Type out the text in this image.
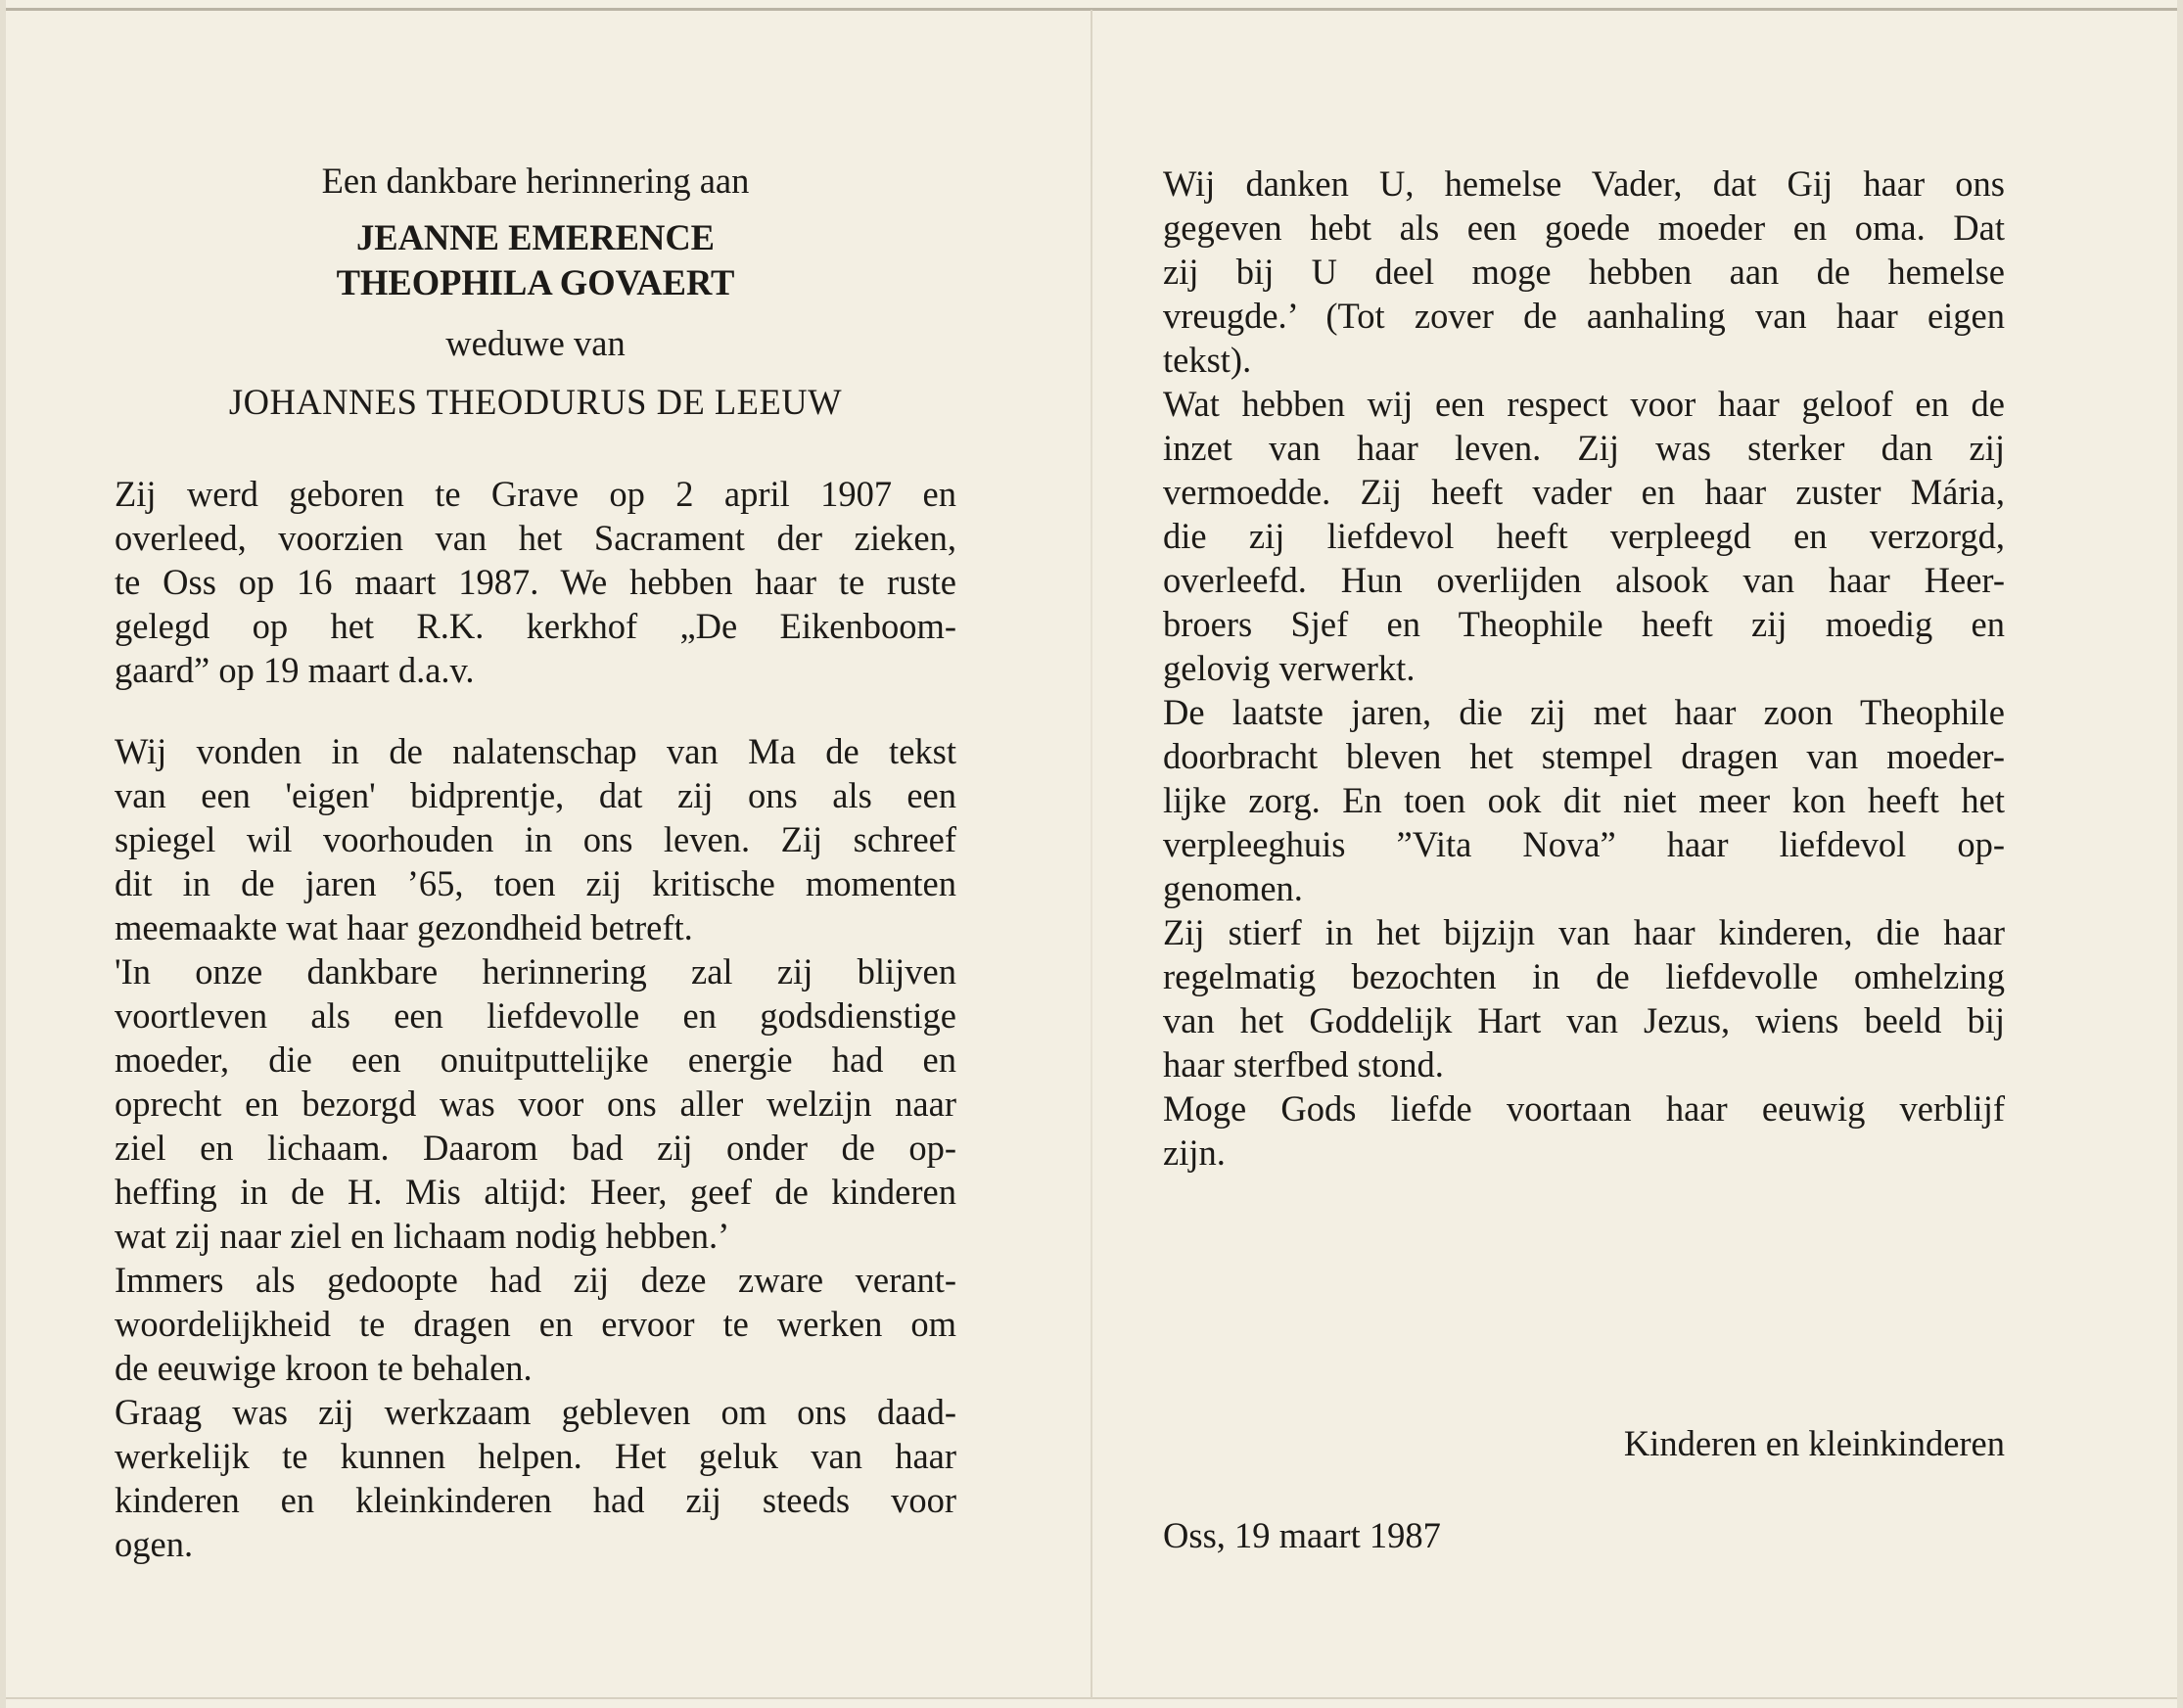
Een dankbare herinnering aan
JEANNE EMERENCE
THEOPHILA GOVAERT
weduwe van
JOHANNES THEODURUS DE LEEUW
Zij werd geboren te Grave op 2 april 1907 en
overleed, voorzien van het Sacrament der zieken,
te Oss op 16 maart 1987. We hebben haar te ruste
gelegd op het R.K. kerkhof „De Eikenboom-
gaard” op 19 maart d.a.v.
Wij vonden in de nalatenschap van Ma de tekst
van een 'eigen' bidprentje, dat zij ons als een
spiegel wil voorhouden in ons leven. Zij schreef
dit in de jaren ’65, toen zij kritische momenten
meemaakte wat haar gezondheid betreft.
'In onze dankbare herinnering zal zij blijven
voortleven als een liefdevolle en godsdienstige
moeder, die een onuitputtelijke energie had en
oprecht en bezorgd was voor ons aller welzijn naar
ziel en lichaam. Daarom bad zij onder de op-
heffing in de H. Mis altijd: Heer, geef de kinderen
wat zij naar ziel en lichaam nodig hebben.’
Immers als gedoopte had zij deze zware verant-
woordelijkheid te dragen en ervoor te werken om
de eeuwige kroon te behalen.
Graag was zij werkzaam gebleven om ons daad-
werkelijk te kunnen helpen. Het geluk van haar
kinderen en kleinkinderen had zij steeds voor
ogen.
Wij danken U, hemelse Vader, dat Gij haar ons
gegeven hebt als een goede moeder en oma. Dat
zij bij U deel moge hebben aan de hemelse
vreugde.’ (Tot zover de aanhaling van haar eigen
tekst).
Wat hebben wij een respect voor haar geloof en de
inzet van haar leven. Zij was sterker dan zij
vermoedde. Zij heeft vader en haar zuster Mária,
die zij liefdevol heeft verpleegd en verzorgd,
overleefd. Hun overlijden alsook van haar Heer-
broers Sjef en Theophile heeft zij moedig en
gelovig verwerkt.
De laatste jaren, die zij met haar zoon Theophile
doorbracht bleven het stempel dragen van moeder-
lijke zorg. En toen ook dit niet meer kon heeft het
verpleeghuis ”Vita Nova” haar liefdevol op-
genomen.
Zij stierf in het bijzijn van haar kinderen, die haar
regelmatig bezochten in de liefdevolle omhelzing
van het Goddelijk Hart van Jezus, wiens beeld bij
haar sterfbed stond.
Moge Gods liefde voortaan haar eeuwig verblijf
zijn.
Kinderen en kleinkinderen
Oss, 19 maart 1987
